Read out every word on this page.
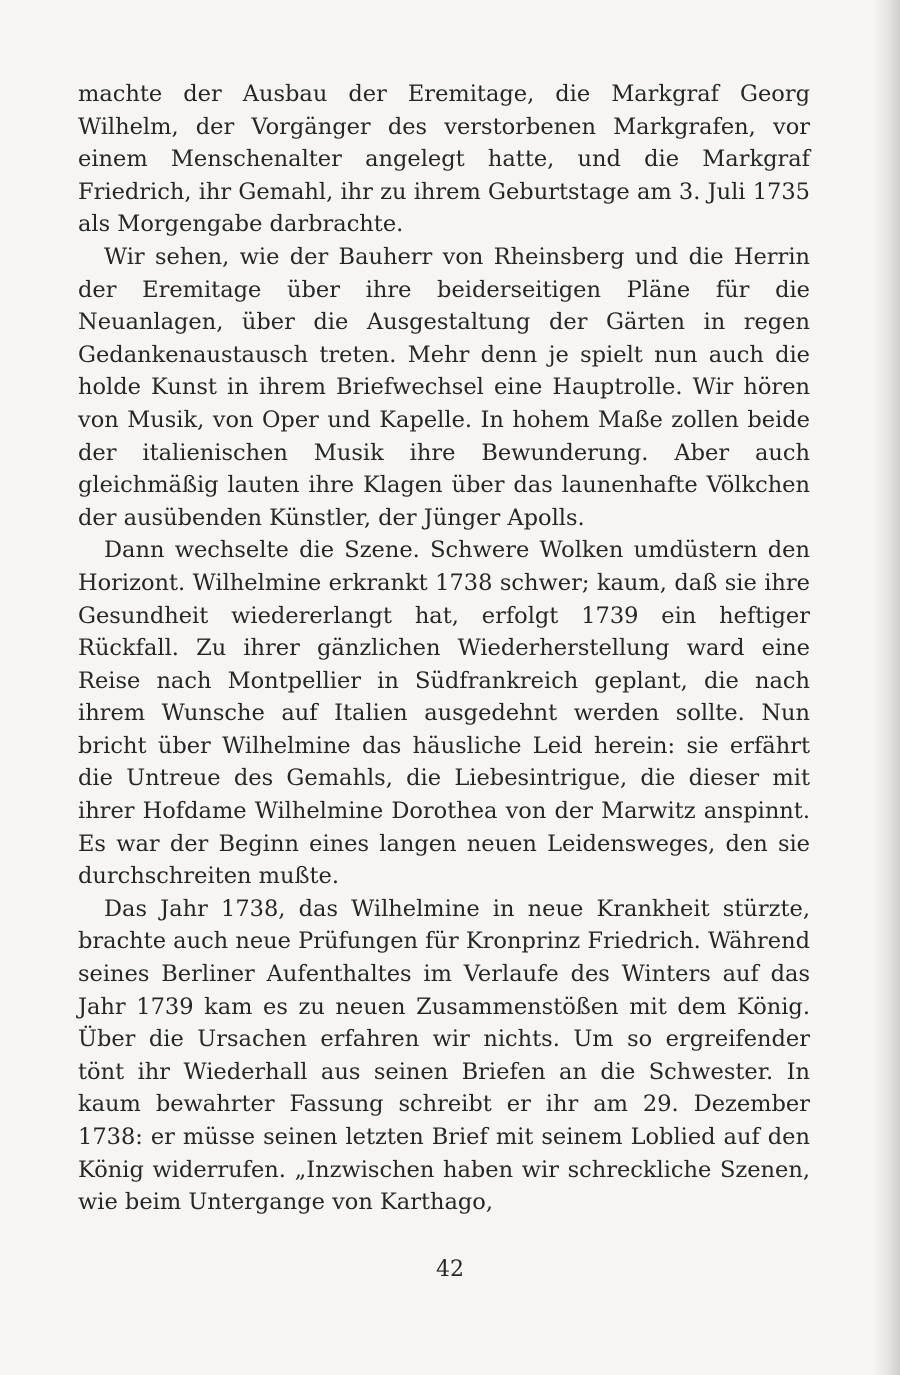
machte der Ausbau der Eremitage, die Markgraf Georg Wilhelm, der Vorgänger des verstorbenen Markgrafen, vor einem Menschenalter angelegt hatte, und die Markgraf Friedrich, ihr Gemahl, ihr zu ihrem Geburtstage am 3. Juli 1735 als Morgengabe darbrachte.

Wir sehen, wie der Bauherr von Rheinsberg und die Herrin der Eremitage über ihre beiderseitigen Pläne für die Neuanlagen, über die Ausgestaltung der Gärten in regen Gedankenaustausch treten. Mehr denn je spielt nun auch die holde Kunst in ihrem Briefwechsel eine Hauptrolle. Wir hören von Musik, von Oper und Kapelle. In hohem Maße zollen beide der italienischen Musik ihre Bewunderung. Aber auch gleichmäßig lauten ihre Klagen über das launenhafte Völkchen der ausübenden Künstler, der Jünger Apolls.

Dann wechselte die Szene. Schwere Wolken umdüstern den Horizont. Wilhelmine erkrankt 1738 schwer; kaum, daß sie ihre Gesundheit wiedererlangt hat, erfolgt 1739 ein heftiger Rückfall. Zu ihrer gänzlichen Wiederherstellung ward eine Reise nach Montpellier in Südfrankreich geplant, die nach ihrem Wunsche auf Italien ausgedehnt werden sollte. Nun bricht über Wilhelmine das häusliche Leid herein: sie erfährt die Untreue des Gemahls, die Liebesintrigue, die dieser mit ihrer Hofdame Wilhelmine Dorothea von der Marwitz anspinnt. Es war der Beginn eines langen neuen Leidensweges, den sie durchschreiten mußte.

Das Jahr 1738, das Wilhelmine in neue Krankheit stürzte, brachte auch neue Prüfungen für Kronprinz Friedrich. Während seines Berliner Aufenthaltes im Verlaufe des Winters auf das Jahr 1739 kam es zu neuen Zusammenstößen mit dem König. Über die Ursachen erfahren wir nichts. Um so ergreifender tönt ihr Wiederhall aus seinen Briefen an die Schwester. In kaum bewahrter Fassung schreibt er ihr am 29. Dezember 1738: er müsse seinen letzten Brief mit seinem Loblied auf den König widerrufen. „Inzwischen haben wir schreckliche Szenen, wie beim Untergange von Karthago,

42
